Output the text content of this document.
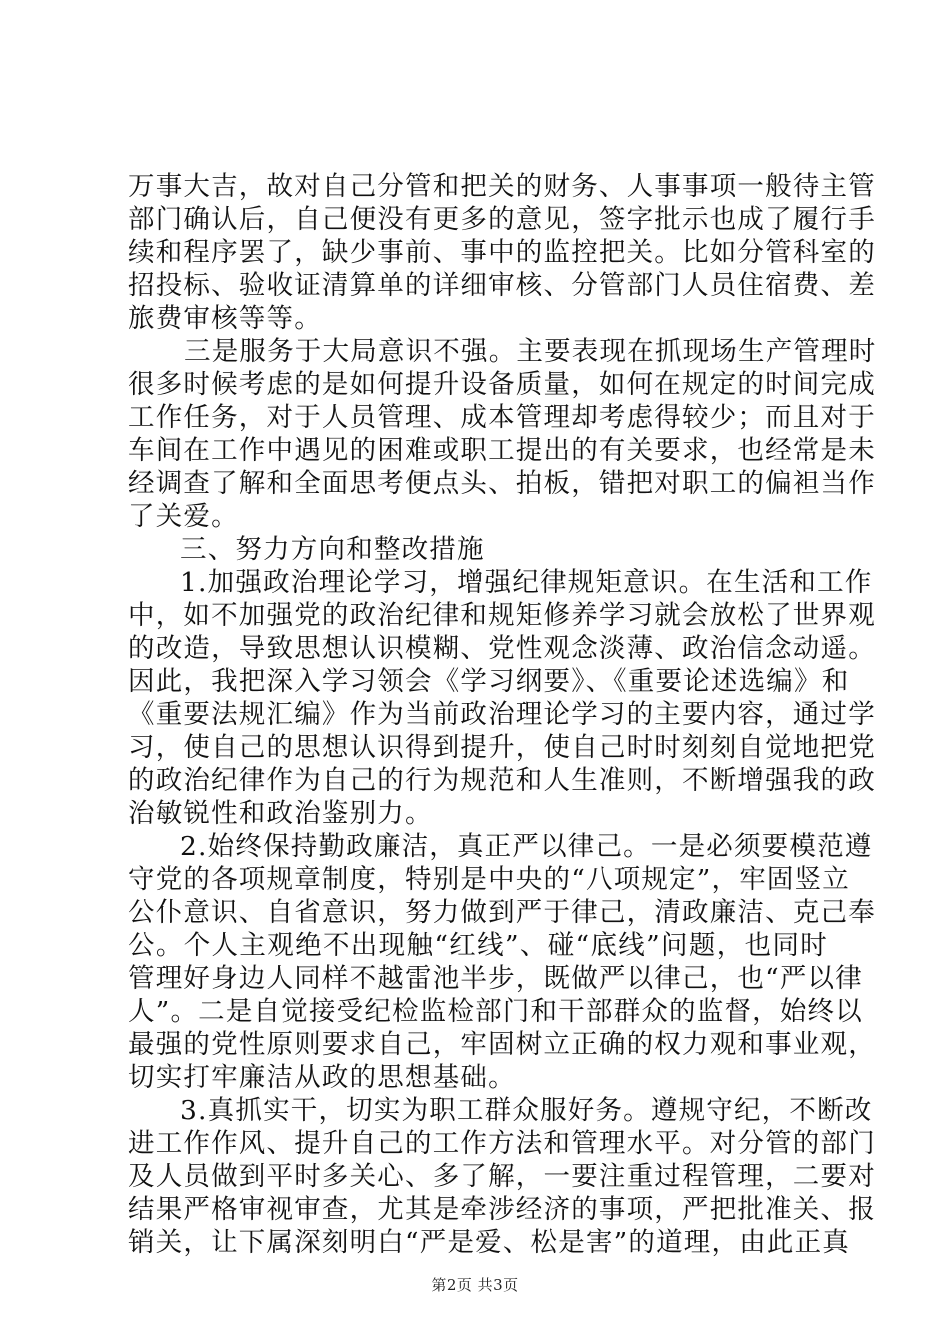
万事大吉，故对自己分管和把关的财务、人事事项一般待主管
部门确认后，自己便没有更多的意见，签字批示也成了履行手
续和程序罢了，缺少事前、事中的监控把关。比如分管科室的
招投标、验收证清算单的详细审核、分管部门人员住宿费、差
旅费审核等等。
三是服务于大局意识不强。主要表现在抓现场生产管理时
很多时候考虑的是如何提升设备质量，如何在规定的时间完成
工作任务，对于人员管理、成本管理却考虑得较少；而且对于
车间在工作中遇见的困难或职工提出的有关要求，也经常是未
经调查了解和全面思考便点头、拍板，错把对职工的偏袒当作
了关爱。
三、努力方向和整改措施
1.加强政治理论学习，增强纪律规矩意识。在生活和工作
中，如不加强党的政治纪律和规矩修养学习就会放松了世界观
的改造，导致思想认识模糊、党性观念淡薄、政治信念动遥。
因此，我把深入学习领会《学习纲要》、《重要论述选编》和
《重要法规汇编》作为当前政治理论学习的主要内容，通过学
习，使自己的思想认识得到提升，使自己时时刻刻自觉地把党
的政治纪律作为自己的行为规范和人生准则，不断增强我的政
治敏锐性和政治鉴别力。
2.始终保持勤政廉洁，真正严以律己。一是必须要模范遵
守党的各项规章制度，特别是中央的“八项规定”，牢固竖立
公仆意识、自省意识，努力做到严于律己，清政廉洁、克己奉
公。个人主观绝不出现触“红线”、碰“底线”问题，也同时
管理好身边人同样不越雷池半步，既做严以律己，也“严以律
人”。二是自觉接受纪检监检部门和干部群众的监督，始终以
最强的党性原则要求自己，牢固树立正确的权力观和事业观，
切实打牢廉洁从政的思想基础。
3.真抓实干，切实为职工群众服好务。遵规守纪，不断改
进工作作风、提升自己的工作方法和管理水平。对分管的部门
及人员做到平时多关心、多了解，一要注重过程管理，二要对
结果严格审视审查，尤其是牵涉经济的事项，严把批准关、报
销关，让下属深刻明白“严是爱、松是害”的道理，由此正真
第2页 共3页
